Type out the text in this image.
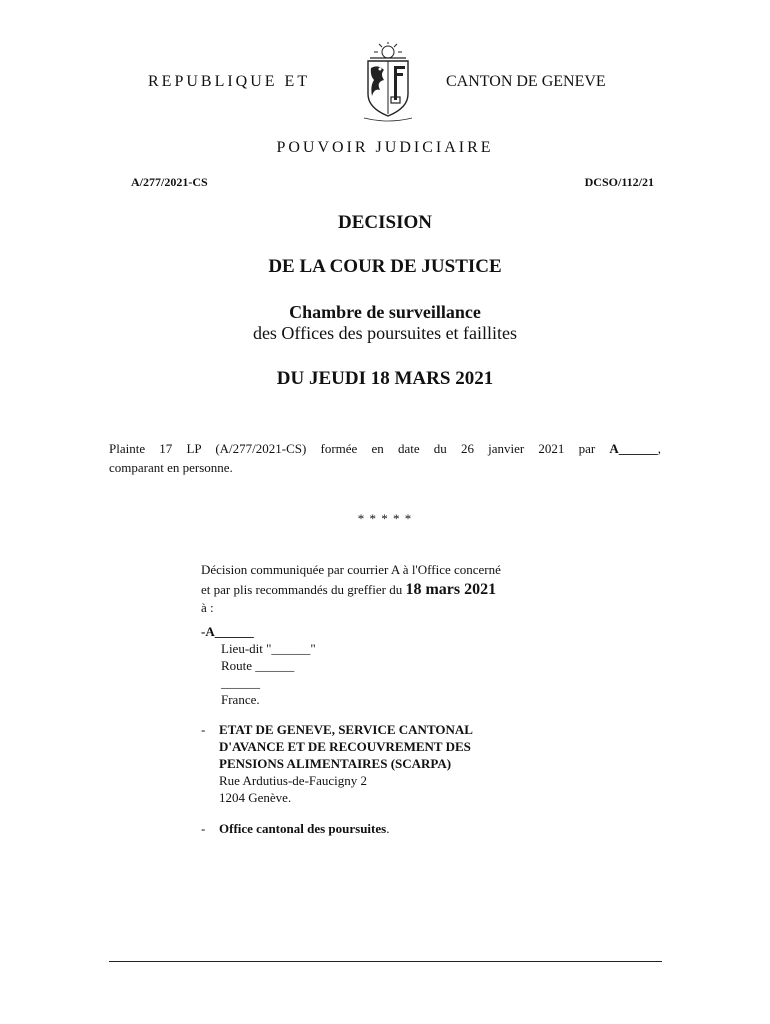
REPUBLIQUE ET	CANTON DE GENEVE
POUVOIR JUDICIAIRE
A/277/2021-CS	DCSO/112/21
DECISION
DE LA COUR DE JUSTICE
Chambre de surveillance
des Offices des poursuites et faillites
DU JEUDI 18 MARS 2021
Plainte 17 LP (A/277/2021-CS) formée en date du 26 janvier 2021 par A______,
comparant en personne.
* * * * *
Décision communiquée par courrier A à l'Office concerné
et par plis recommandés du greffier du 18 mars 2021
à :
-A______
Lieu-dit "______"
Route ______
______
France.
- ETAT DE GENEVE, SERVICE CANTONAL
D'AVANCE ET DE RECOUVREMENT DES
PENSIONS ALIMENTAIRES (SCARPA)
Rue Ardutius-de-Faucigny 2
1204 Genève.
- Office cantonal des poursuites.
